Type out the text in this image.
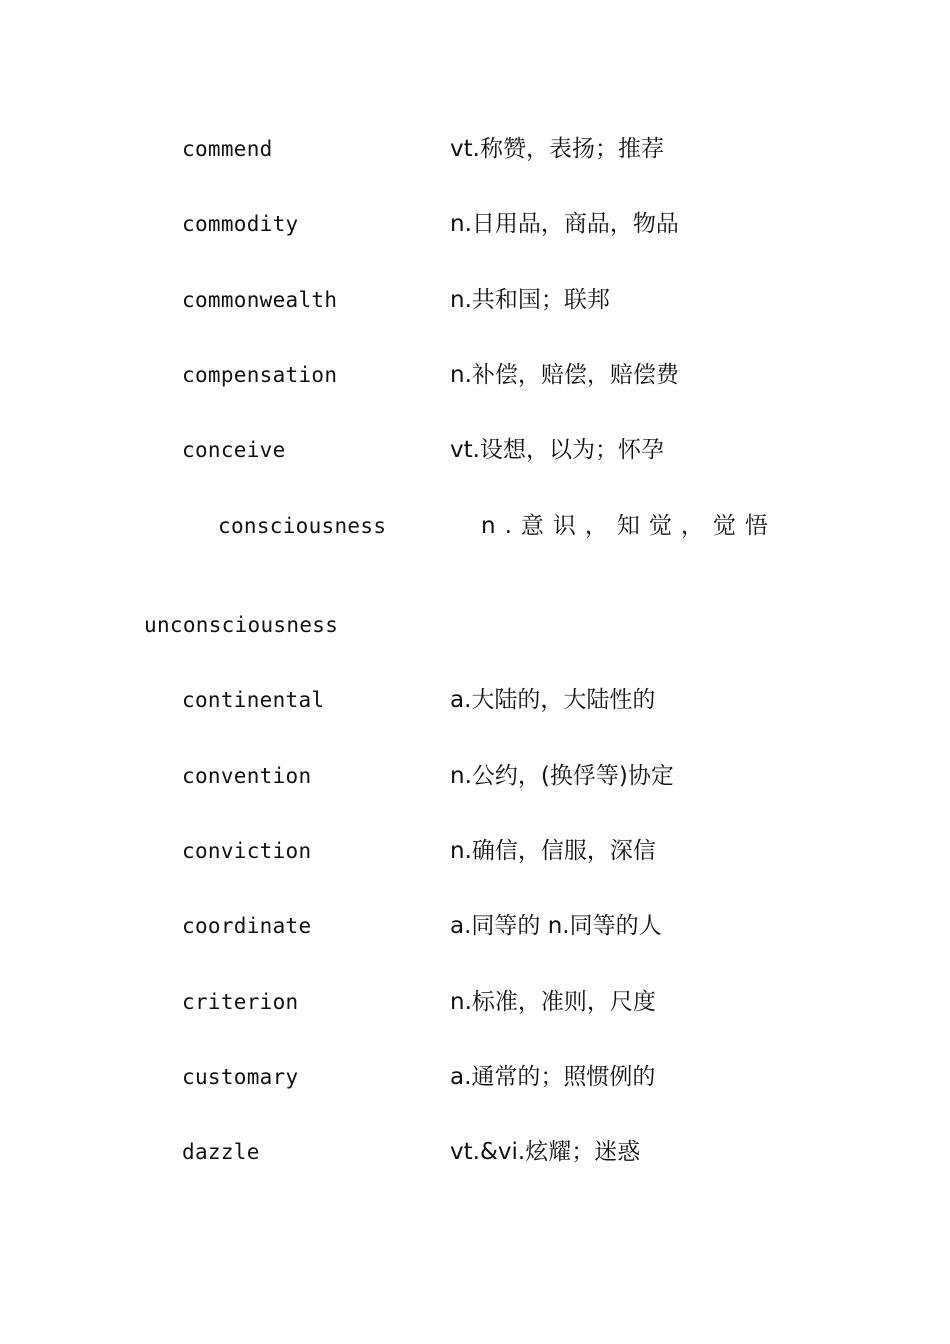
commend	vt.称赞，表扬；推荐
commodity	n.日用品，商品，物品
commonwealth	n.共和国；联邦
compensation	n.补偿，赔偿，赔偿费
conceive	vt.设想，以为；怀孕
consciousness	n.意识，知觉，觉悟
unconsciousness
continental	a.大陆的，大陆性的
convention	n.公约，(换俘等)协定
conviction	n.确信，信服，深信
coordinate	a.同等的 n.同等的人
criterion	n.标准，准则，尺度
customary	a.通常的；照惯例的
dazzle	vt.&vi.炫耀；迷惑
